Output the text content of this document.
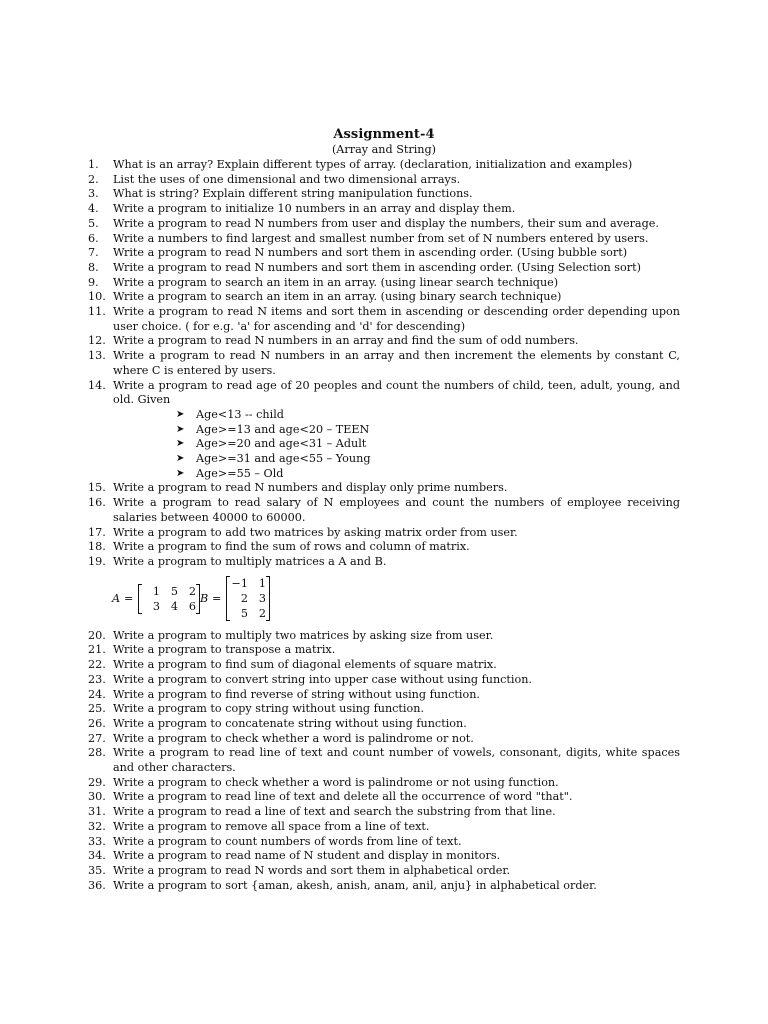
Assignment-4
(Array and String)
1.	What is an array? Explain different types of array. (declaration, initialization and examples)
2.	List the uses of one dimensional and two dimensional arrays.
3.	What is string? Explain different string manipulation functions.
4.	Write a program to initialize 10 numbers in an array and display them.
5.	Write a program to read N numbers from user and display the numbers, their sum and average.
6.	Write a numbers to find largest and smallest number from set of N numbers entered by users.
7.	Write a program to read N numbers and sort them in ascending order. (Using bubble sort)
8.	Write a program to read N numbers and sort them in ascending order. (Using Selection sort)
9.	Write a program to search an item in an array. (using linear search technique)
10. Write a program to search an item in an array. (using binary search technique)
11. Write a program to read N items and sort them in ascending or descending order depending upon user choice. ( for e.g. 'a' for ascending and 'd' for descending)
12. Write a program to read N numbers in an array and find the sum of odd numbers.
13. Write a program to read N numbers in an array and then increment the elements by constant C, where C is entered by users.
14. Write a program to read age of 20 peoples and count the numbers of child, teen, adult, young, and old. Given
➤	Age<13 -- child
➤	Age>=13 and age<20 – TEEN
➤	Age>=20 and age<31 – Adult
➤	Age>=31 and age<55 – Young
➤	Age>=55 – Old
15. Write a program to read N numbers and display only prime numbers.
16. Write a program to read salary of N employees and count the numbers of employee receiving salaries between 40000 to 60000.
17. Write a program to add two matrices by asking matrix order from user.
18. Write a program to find the sum of rows and column of matrix.
19. Write a program to multiply matrices a A and B.
A =
1 5 2
3 4 6
B =
−1 1
2 3
5 2
20. Write a program to multiply two matrices by asking size from user.
21. Write a program to transpose a matrix.
22. Write a program to find sum of diagonal elements of square matrix.
23. Write a program to convert string into upper case without using function.
24. Write a program to find reverse of string without using function.
25. Write a program to copy string without using function.
26. Write a program to concatenate string without using function.
27. Write a program to check whether a word is palindrome or not.
28. Write a program to read line of text and count number of vowels, consonant, digits, white spaces and other characters.
29. Write a program to check whether a word is palindrome or not using function.
30. Write a program to read line of text and delete all the occurrence of word "that".
31. Write a program to read a line of text and search the substring from that line.
32. Write a program to remove all space from a line of text.
33. Write a program to count numbers of words from line of text.
34. Write a program to read name of N student and display in monitors.
35. Write a program to read N words and sort them in alphabetical order.
36. Write a program to sort {aman, akesh, anish, anam, anil, anju} in alphabetical order.
